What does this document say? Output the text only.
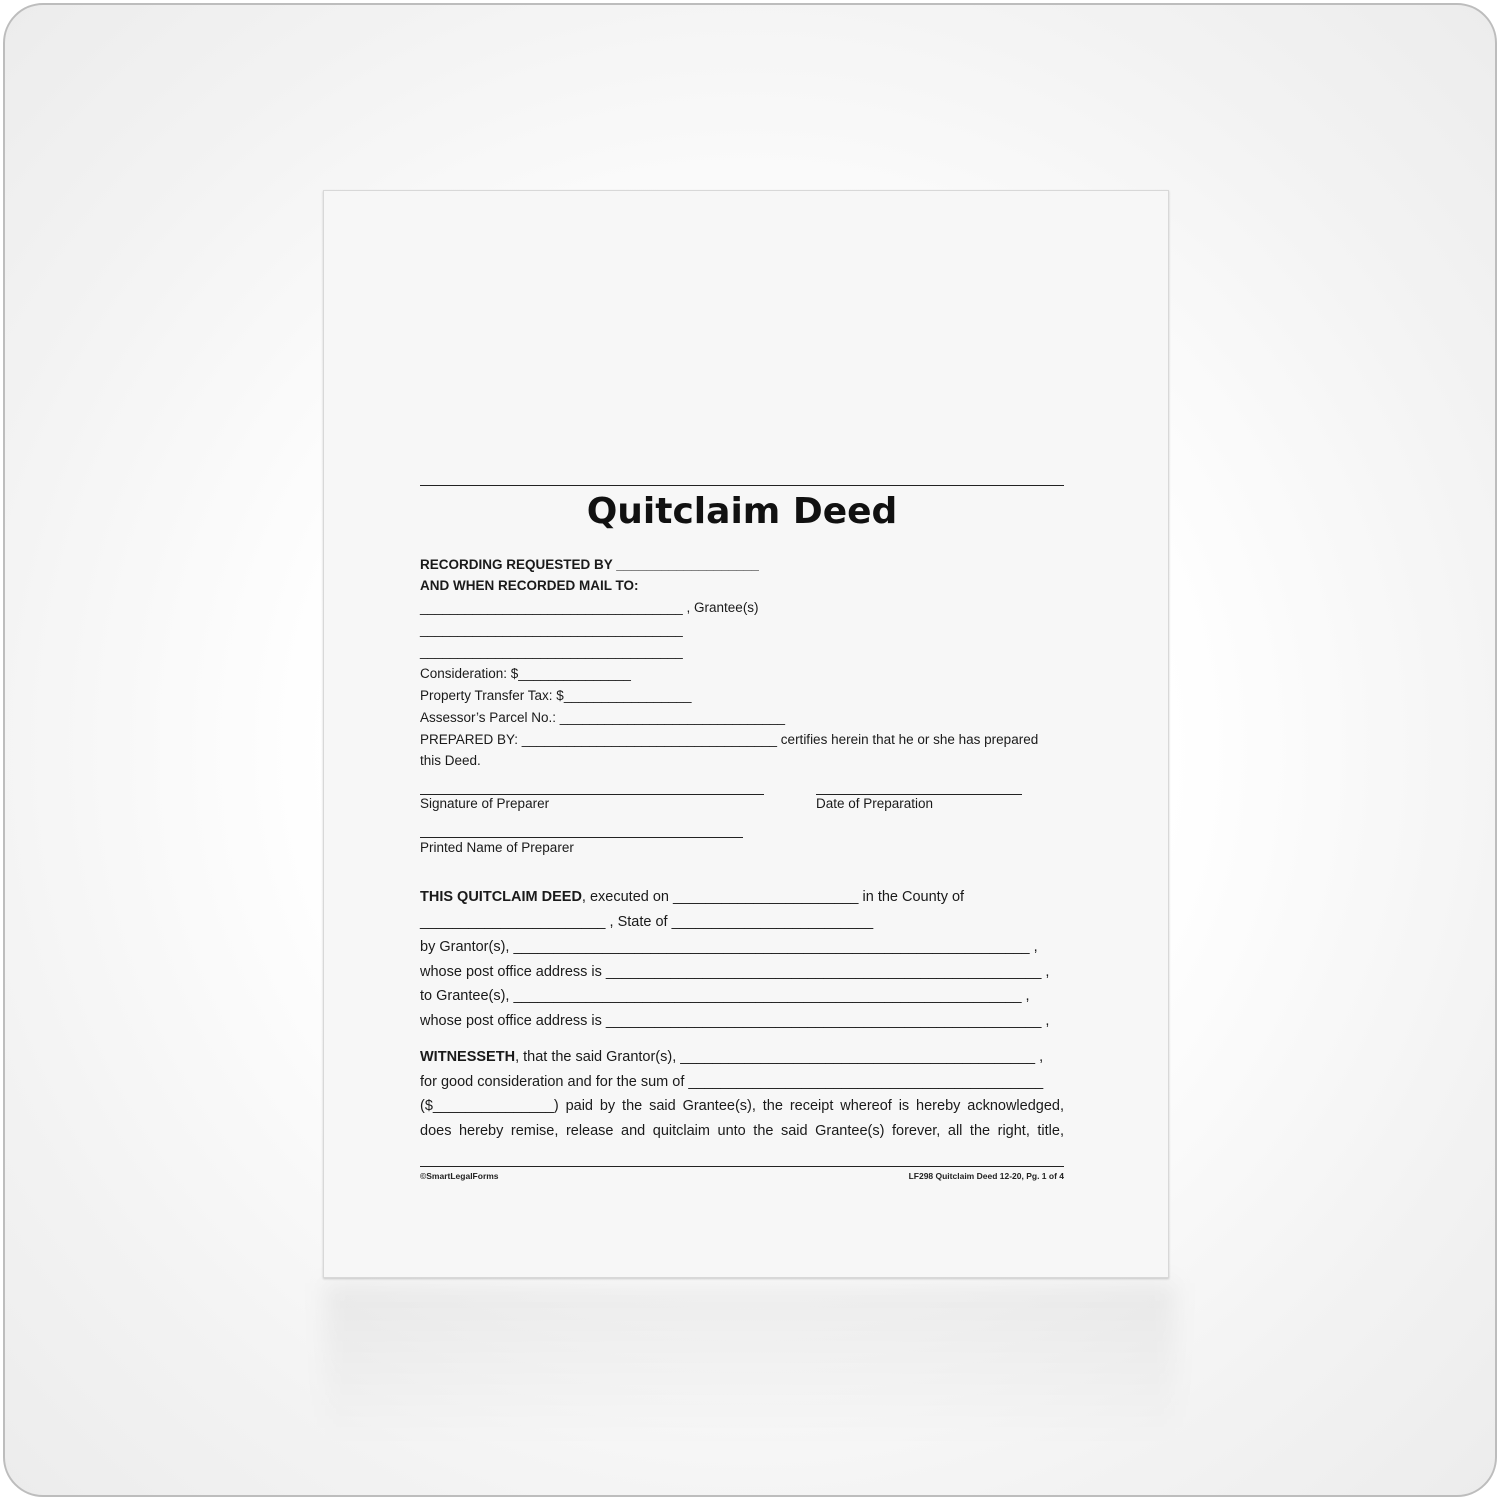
Quitclaim Deed
RECORDING REQUESTED BY ___________________
AND WHEN RECORDED MAIL TO:
___________________________________ , Grantee(s)
___________________________________
___________________________________
Consideration: $_______________
Property Transfer Tax: $_________________
Assessor’s Parcel No.: ______________________________
PREPARED BY: __________________________________ certifies herein that he or she has prepared
this Deed.
Signature of Preparer	Date of Preparation
Printed Name of Preparer
THIS QUITCLAIM DEED, executed on _______________________ in the County of
_______________________ , State of _________________________
by Grantor(s), ________________________________________________________________ ,
whose post office address is ______________________________________________________ ,
to Grantee(s), _______________________________________________________________ ,
whose post office address is ______________________________________________________ ,
WITNESSETH, that the said Grantor(s), ____________________________________________ ,
for good consideration and for the sum of ____________________________________________
($_______________) paid by the said Grantee(s), the receipt whereof is hereby acknowledged,
does hereby remise, release and quitclaim unto the said Grantee(s) forever, all the right, title,
©SmartLegalForms	LF298 Quitclaim Deed 12-20, Pg. 1 of 4
